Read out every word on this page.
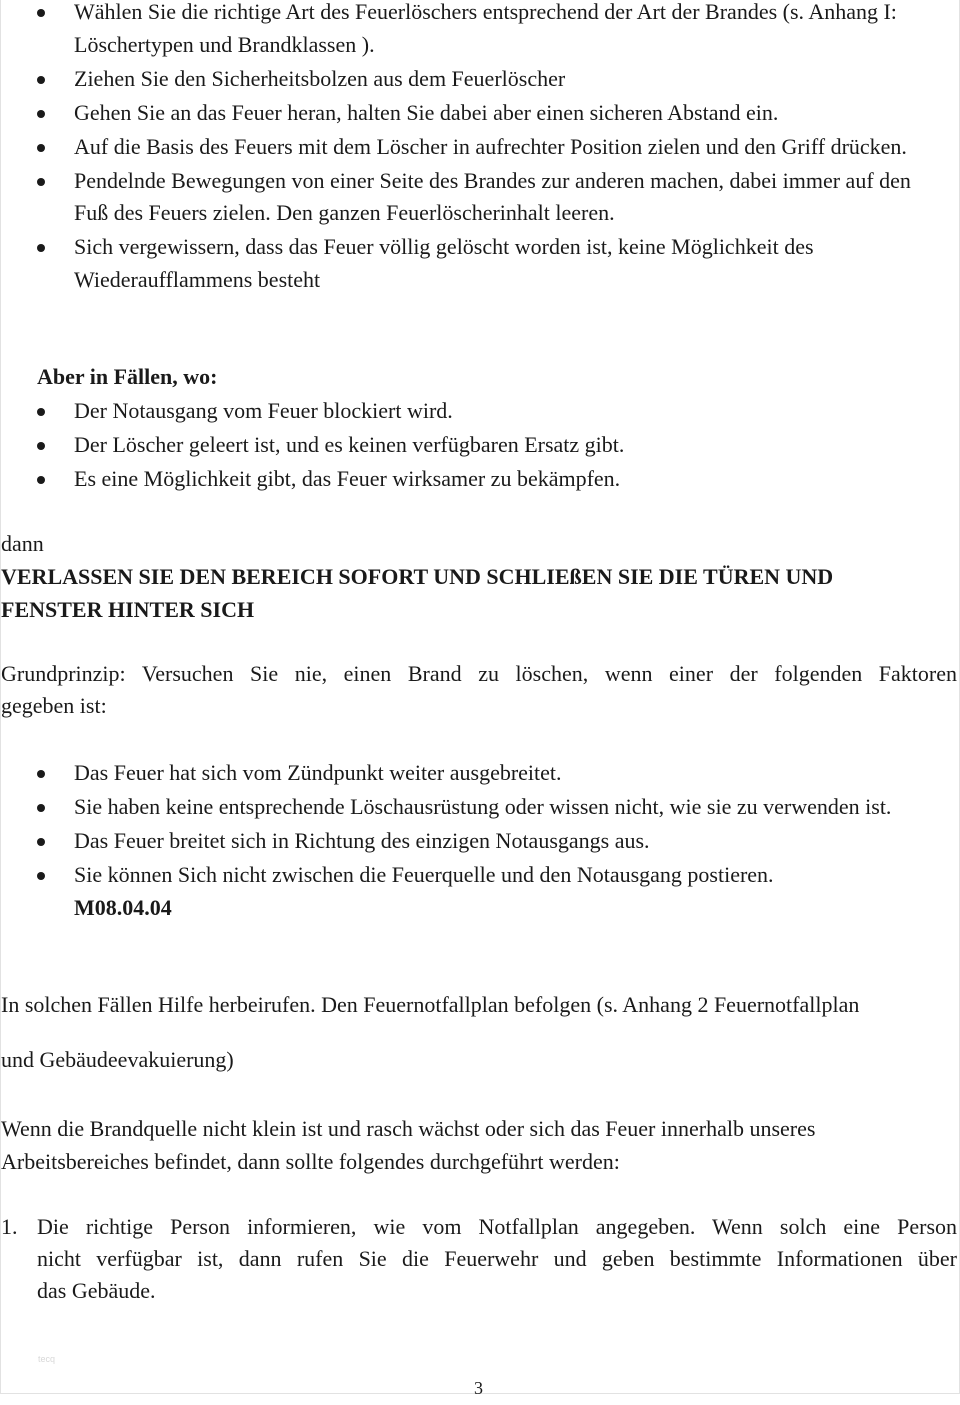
Wählen Sie die richtige Art des Feuerlöschers entsprechend der Art der Brandes (s. Anhang I: Löschertypen und Brandklassen ).
Ziehen Sie den Sicherheitsbolzen aus dem Feuerlöscher
Gehen Sie an das Feuer heran, halten Sie dabei aber einen sicheren Abstand ein.
Auf die Basis des Feuers mit dem Löscher in aufrechter Position zielen und den Griff drücken.
Pendelnde Bewegungen von einer Seite des Brandes zur anderen machen, dabei immer auf den Fuß des Feuers zielen. Den ganzen Feuerlöscherinhalt leeren.
Sich vergewissern, dass das Feuer völlig gelöscht worden ist, keine Möglichkeit des Wiederaufflammens besteht
Aber in Fällen, wo:
Der Notausgang vom Feuer blockiert wird.
Der Löscher geleert ist, und es keinen verfügbaren Ersatz gibt.
Es eine Möglichkeit gibt, das Feuer wirksamer zu bekämpfen.
dann
VERLASSEN SIE DEN BEREICH SOFORT UND SCHLIEßEN SIE DIE TÜREN UND
FENSTER HINTER SICH
Grundprinzip: Versuchen Sie nie, einen Brand zu löschen, wenn einer der folgenden Faktoren
gegeben ist:
Das Feuer hat sich vom Zündpunkt weiter ausgebreitet.
Sie haben keine entsprechende Löschausrüstung oder wissen nicht, wie sie zu verwenden ist.
Das Feuer breitet sich in Richtung des einzigen Notausgangs aus.
Sie können Sich nicht zwischen die Feuerquelle und den Notausgang postieren.
M08.04.04
In solchen Fällen Hilfe herbeirufen. Den Feuernotfallplan befolgen (s. Anhang 2 Feuernotfallplan
und Gebäudeevakuierung)
Wenn die Brandquelle nicht klein ist und rasch wächst oder sich das Feuer innerhalb unseres
Arbeitsbereiches befindet, dann sollte folgendes durchgeführt werden:
1. Die richtige Person informieren, wie vom Notfallplan angegeben. Wenn solch eine Person
nicht verfügbar ist, dann rufen Sie die Feuerwehr und geben bestimmte Informationen über
das Gebäude.
tecq
3
